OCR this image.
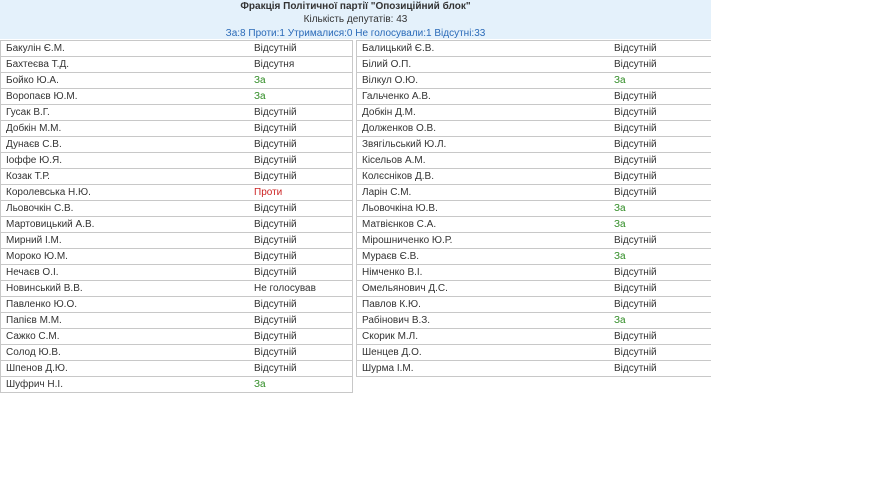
Фракція Політичної партії "Опозиційний блок"
Кількість депутатів: 43
За:8 Проти:1 Утрималися:0 Не голосували:1 Відсутні:33
Бакулін Є.М.	Відсутній
Бахтеєва Т.Д.	Відсутня
Бойко Ю.А.	За
Воропаєв Ю.М.	За
Гусак В.Г.	Відсутній
Добкін М.М.	Відсутній
Дунаєв С.В.	Відсутній
Іоффе Ю.Я.	Відсутній
Козак Т.Р.	Відсутній
Королевська Н.Ю.	Проти
Льовочкін С.В.	Відсутній
Мартовицький А.В.	Відсутній
Мирний І.М.	Відсутній
Мороко Ю.М.	Відсутній
Нечаєв О.І.	Відсутній
Новинський В.В.	Не голосував
Павленко Ю.О.	Відсутній
Папієв М.М.	Відсутній
Сажко С.М.	Відсутній
Солод Ю.В.	Відсутній
Шпенов Д.Ю.	Відсутній
Шуфрич Н.І.	За
Балицький Є.В.	Відсутній
Білий О.П.	Відсутній
Вілкул О.Ю.	За
Гальченко А.В.	Відсутній
Добкін Д.М.	Відсутній
Долженков О.В.	Відсутній
Звягільський Ю.Л.	Відсутній
Кісельов А.М.	Відсутній
Колєсніков Д.В.	Відсутній
Ларін С.М.	Відсутній
Льовочкіна Ю.В.	За
Матвієнков С.А.	За
Мірошниченко Ю.Р.	Відсутній
Мураєв Є.В.	За
Німченко В.І.	Відсутній
Омельянович Д.С.	Відсутній
Павлов К.Ю.	Відсутній
Рабінович В.З.	За
Скорик М.Л.	Відсутній
Шенцев Д.О.	Відсутній
Шурма І.М.	Відсутній
